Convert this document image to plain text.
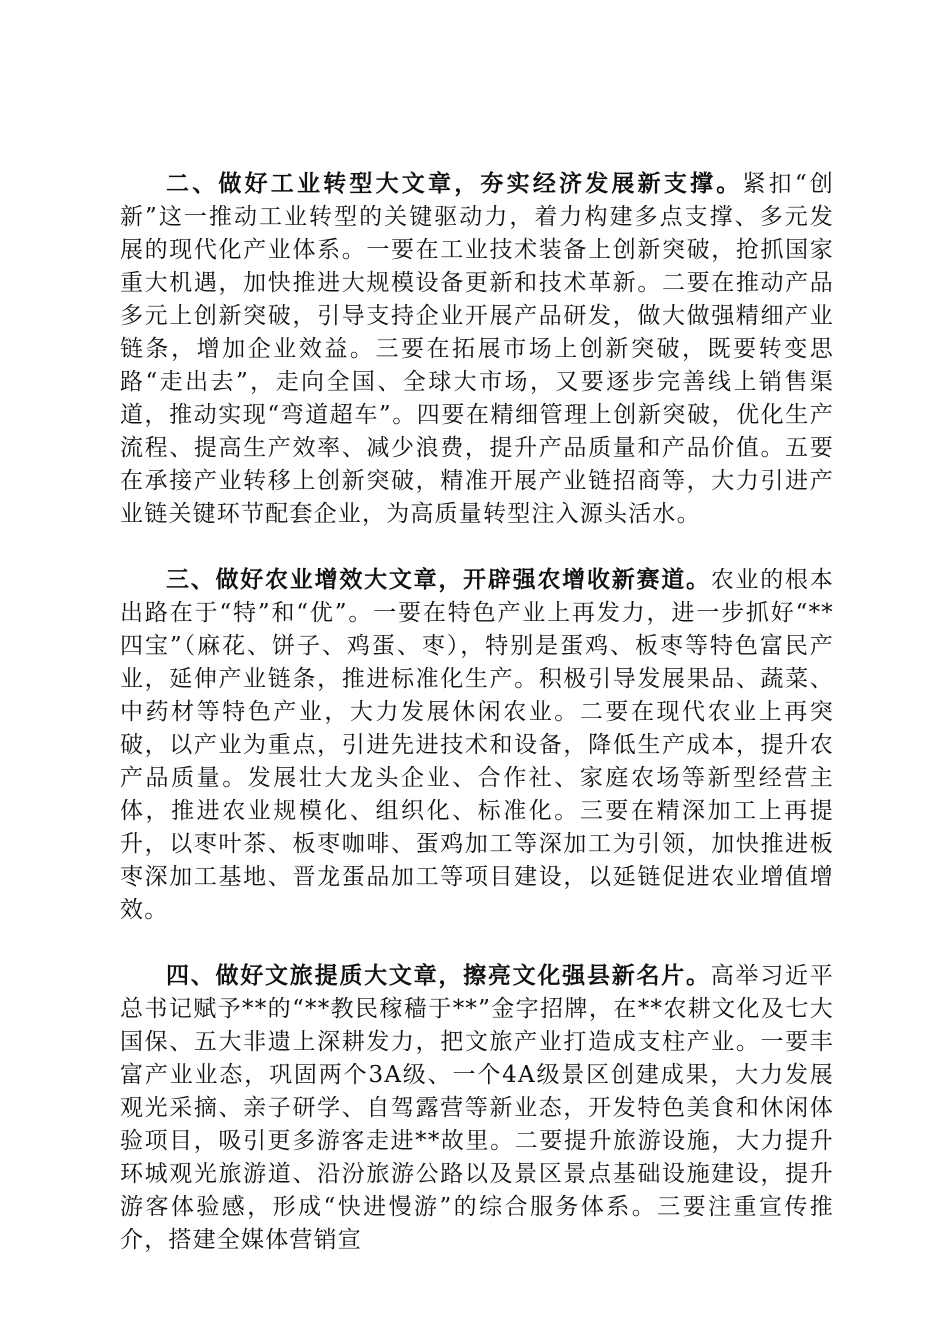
二、做好工业转型大文章，夯实经济发展新支撑。紧扣“创新”这一推动工业转型的关键驱动力，着力构建多点支撑、多元发展的现代化产业体系。一要在工业技术装备上创新突破，抢抓国家重大机遇，加快推进大规模设备更新和技术革新。二要在推动产品多元上创新突破，引导支持企业开展产品研发，做大做强精细产业链条，增加企业效益。三要在拓展市场上创新突破，既要转变思路“走出去”，走向全国、全球大市场，又要逐步完善线上销售渠道，推动实现“弯道超车”。四要在精细管理上创新突破，优化生产流程、提高生产效率、减少浪费，提升产品质量和产品价值。五要在承接产业转移上创新突破，精准开展产业链招商等，大力引进产业链关键环节配套企业，为高质量转型注入源头活水。

三、做好农业增效大文章，开辟强农增收新赛道。农业的根本出路在于“特”和“优”。一要在特色产业上再发力，进一步抓好“**四宝”（麻花、饼子、鸡蛋、枣），特别是蛋鸡、板枣等特色富民产业，延伸产业链条，推进标准化生产。积极引导发展果品、蔬菜、中药材等特色产业，大力发展休闲农业。二要在现代农业上再突破，以产业为重点，引进先进技术和设备，降低生产成本，提升农产品质量。发展壮大龙头企业、合作社、家庭农场等新型经营主体，推进农业规模化、组织化、标准化。三要在精深加工上再提升，以枣叶茶、板枣咖啡、蛋鸡加工等深加工为引领，加快推进板枣深加工基地、晋龙蛋品加工等项目建设，以延链促进农业增值增效。

四、做好文旅提质大文章，擦亮文化强县新名片。高举习近平总书记赋予**的“**教民稼穑于**”金字招牌，在**农耕文化及七大国保、五大非遗上深耕发力，把文旅产业打造成支柱产业。一要丰富产业业态，巩固两个3A级、一个4A级景区创建成果，大力发展观光采摘、亲子研学、自驾露营等新业态，开发特色美食和休闲体验项目，吸引更多游客走进**故里。二要提升旅游设施，大力提升环城观光旅游道、沿汾旅游公路以及景区景点基础设施建设，提升游客体验感，形成“快进慢游”的综合服务体系。三要注重宣传推介，搭建全媒体营销宣
